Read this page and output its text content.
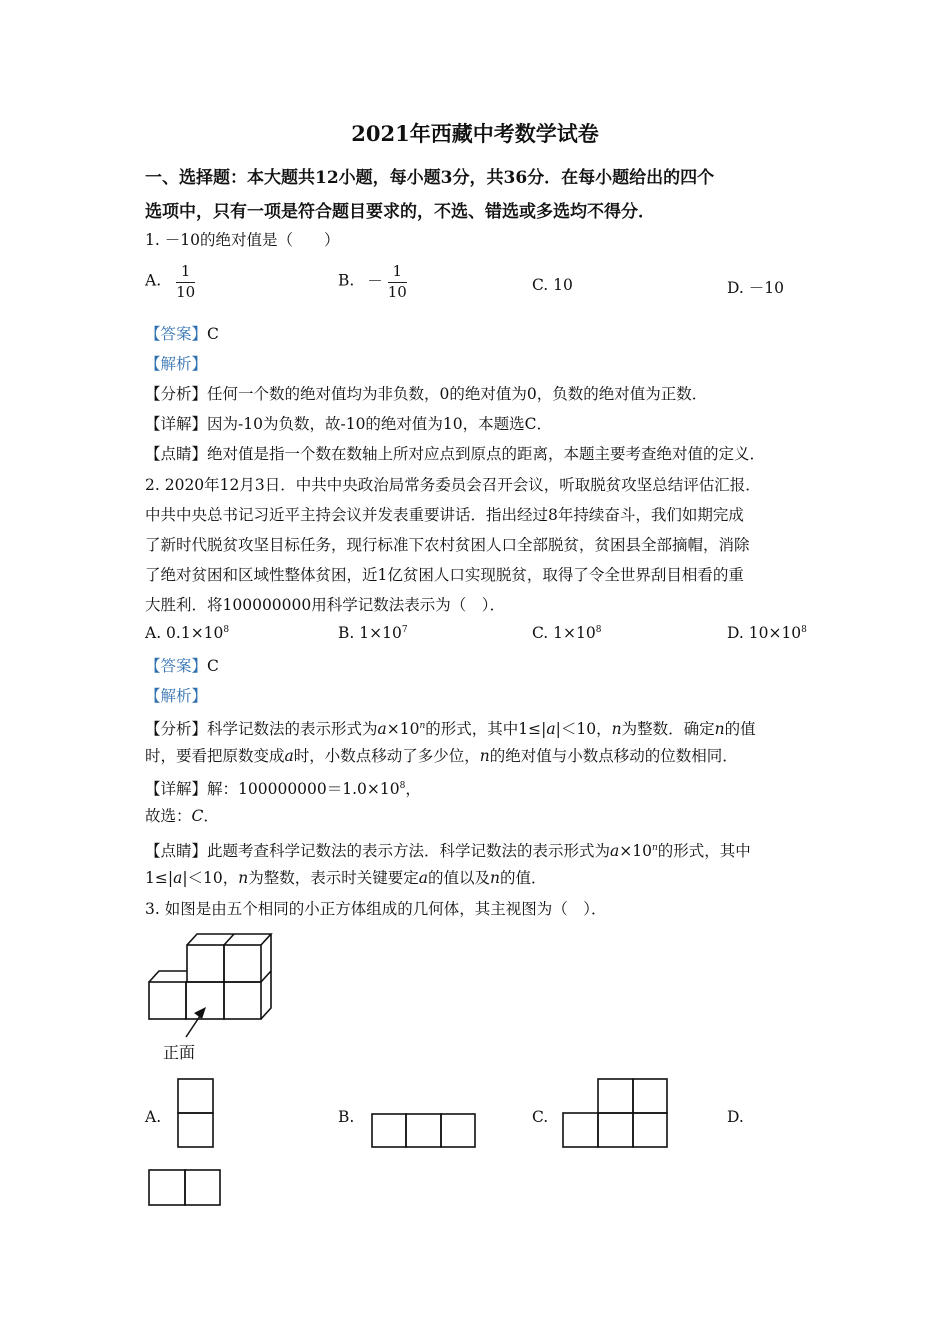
2021年西藏中考数学试卷
一、选择题：本大题共12小题，每小题3分，共36分．在每小题给出的四个
选项中，只有一项是符合题目要求的，不选、错选或多选均不得分．
1. －10的绝对值是（　　）
A. $\frac{1}{10}$	B. － $\frac{1}{10}$	C. 10	D. －10
【答案】C
【解析】
【分析】任何一个数的绝对值均为非负数，0的绝对值为0，负数的绝对值为正数．
【详解】因为-10为负数，故-10的绝对值为10，本题选C．
【点睛】绝对值是指一个数在数轴上所对应点到原点的距离，本题主要考查绝对值的定义．
2. 2020年12月3日．中共中央政治局常务委员会召开会议，听取脱贫攻坚总结评估汇报．
中共中央总书记习近平主持会议并发表重要讲话．指出经过8年持续奋斗，我们如期完成
了新时代脱贫攻坚目标任务，现行标准下农村贫困人口全部脱贫，贫困县全部摘帽，消除
了绝对贫困和区域性整体贫困，近1亿贫困人口实现脱贫，取得了令全世界刮目相看的重
大胜利．将100000000用科学记数法表示为（　）．
A. $0.1\times 10^8$	B. $1\times 10^7$	C. $1\times 10^8$	D. $10\times 10^8$
【答案】C
【解析】
【分析】科学记数法的表示形式为$a\times 10^n$的形式，其中1≤|a|＜10，n为整数．确定n的值
时，要看把原数变成a时，小数点移动了多少位，n的绝对值与小数点移动的位数相同．
【详解】解：$100000000=1.0\times 10^8$，
故选：C．
【点睛】此题考查科学记数法的表示方法．科学记数法的表示形式为$a\times 10^n$的形式，其中
1≤|a|＜10，n为整数，表示时关键要定a的值以及n的值．
3. 如图是由五个相同的小正方体组成的几何体，其主视图为（　）．
正面
A.	B.	C.	D.
